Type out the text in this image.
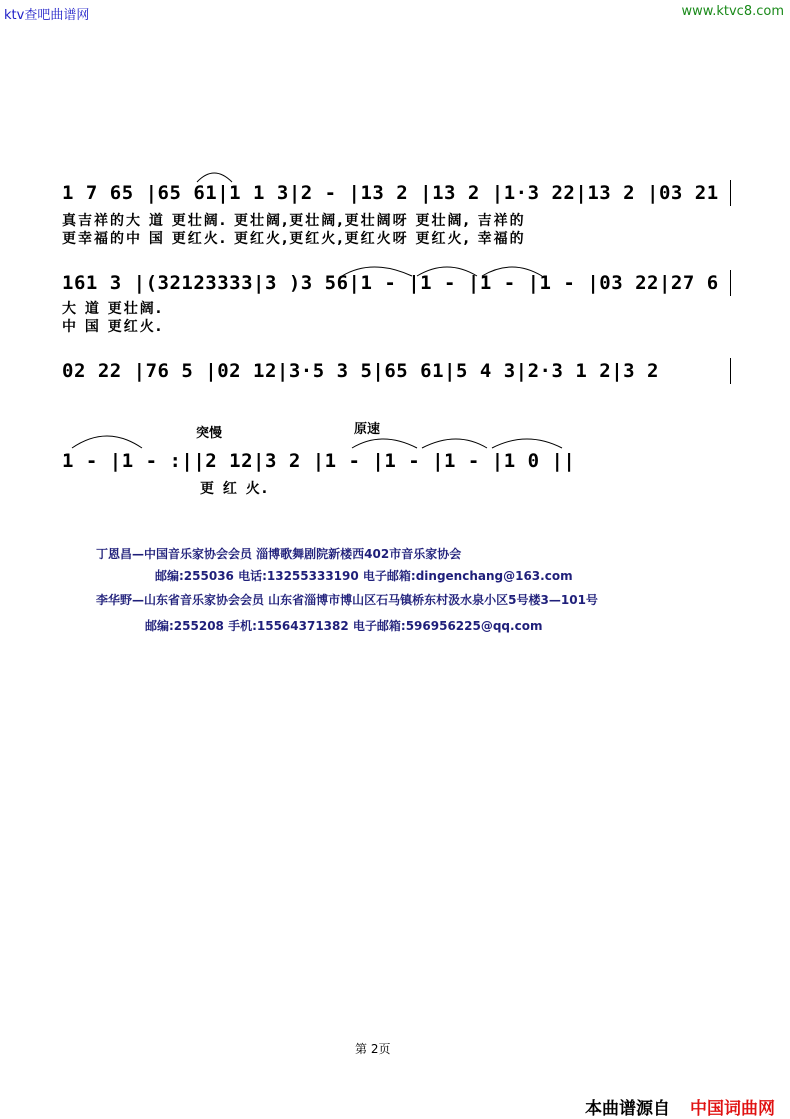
ktv查吧曲谱网	www.ktvc8.com
1 7 65 |65 61|1 1 3|2 - |13 2 |13 2 |1·3 22|13 2 |03 21
真吉祥的大 道 更壮阔. 更壮阔,更壮阔,更壮阔呀 更壮阔, 吉祥的
更幸福的中 国 更红火. 更红火,更红火,更红火呀 更红火, 幸福的
161 3 |(32123333|3 )3 56|1 - |1 - |1 - |1 - |03 22|27 6
大 道 更壮阔.
中 国 更红火.
02 22 |76 5 |02 12|3·5 3 5|65 61|5 4 3|2·3 1 2|3 2
突慢	原速
1 - |1 - :||2 12|3 2 |1 - |1 - |1 - |1 0 ||
更 红 火.
丁恩昌—中国音乐家协会会员 淄博歌舞剧院新楼西402市音乐家协会
邮编:255036 电话:13255333190 电子邮箱:dingenchang@163.com
李华野—山东省音乐家协会会员 山东省淄博市博山区石马镇桥东村汲水泉小区5号楼3—101号
邮编:255208 手机:15564371382 电子邮箱:596956225@qq.com
第 2页
本曲谱源自 中国词曲网
